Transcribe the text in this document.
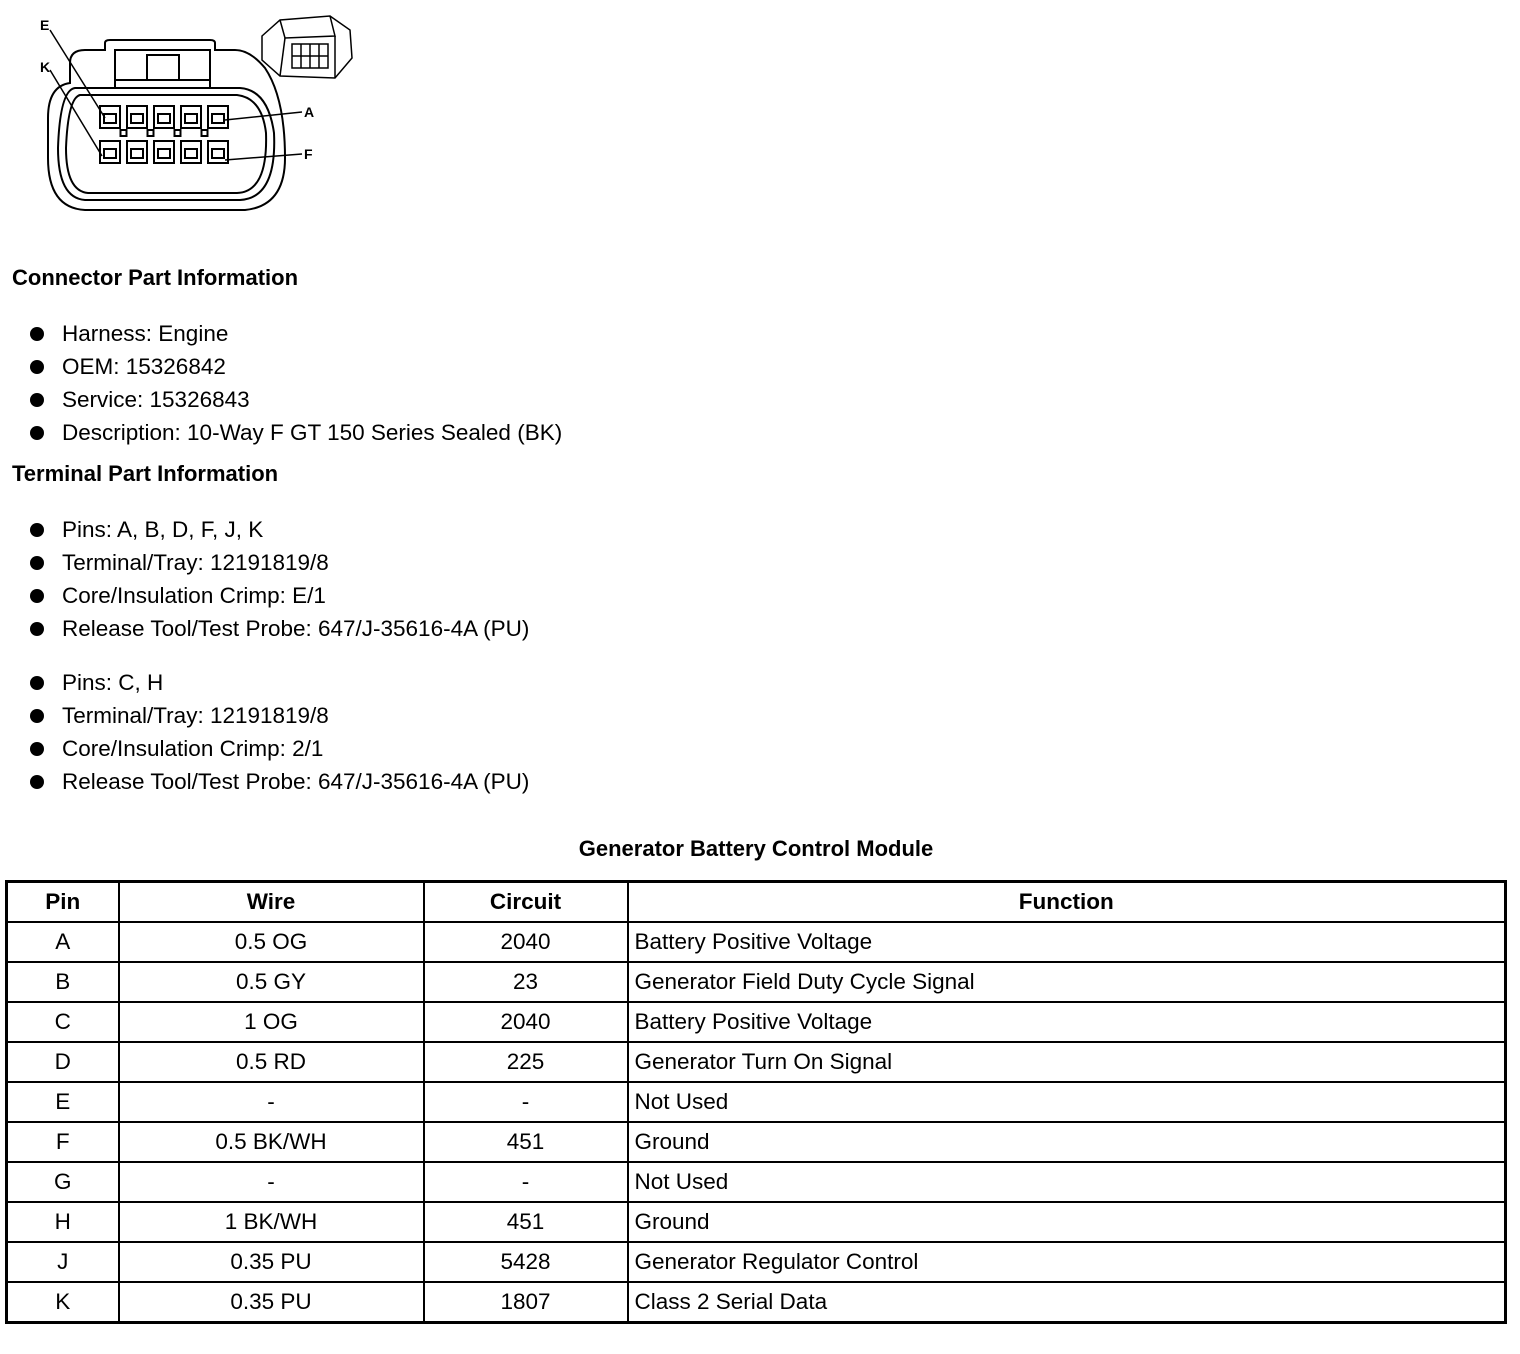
E
K
A
F
Connector Part Information
Harness: Engine
OEM: 15326842
Service: 15326843
Description: 10-Way F GT 150 Series Sealed (BK)
Terminal Part Information
Pins: A, B, D, F, J, K
Terminal/Tray: 12191819/8
Core/Insulation Crimp: E/1
Release Tool/Test Probe: 647/J-35616-4A (PU)
Pins: C, H
Terminal/Tray: 12191819/8
Core/Insulation Crimp: 2/1
Release Tool/Test Probe: 647/J-35616-4A (PU)
Generator Battery Control Module
Pin	Wire	Circuit	Function
A	0.5 OG	2040	Battery Positive Voltage
B	0.5 GY	23	Generator Field Duty Cycle Signal
C	1 OG	2040	Battery Positive Voltage
D	0.5 RD	225	Generator Turn On Signal
E	-	-	Not Used
F	0.5 BK/WH	451	Ground
G	-	-	Not Used
H	1 BK/WH	451	Ground
J	0.35 PU	5428	Generator Regulator Control
K	0.35 PU	1807	Class 2 Serial Data
